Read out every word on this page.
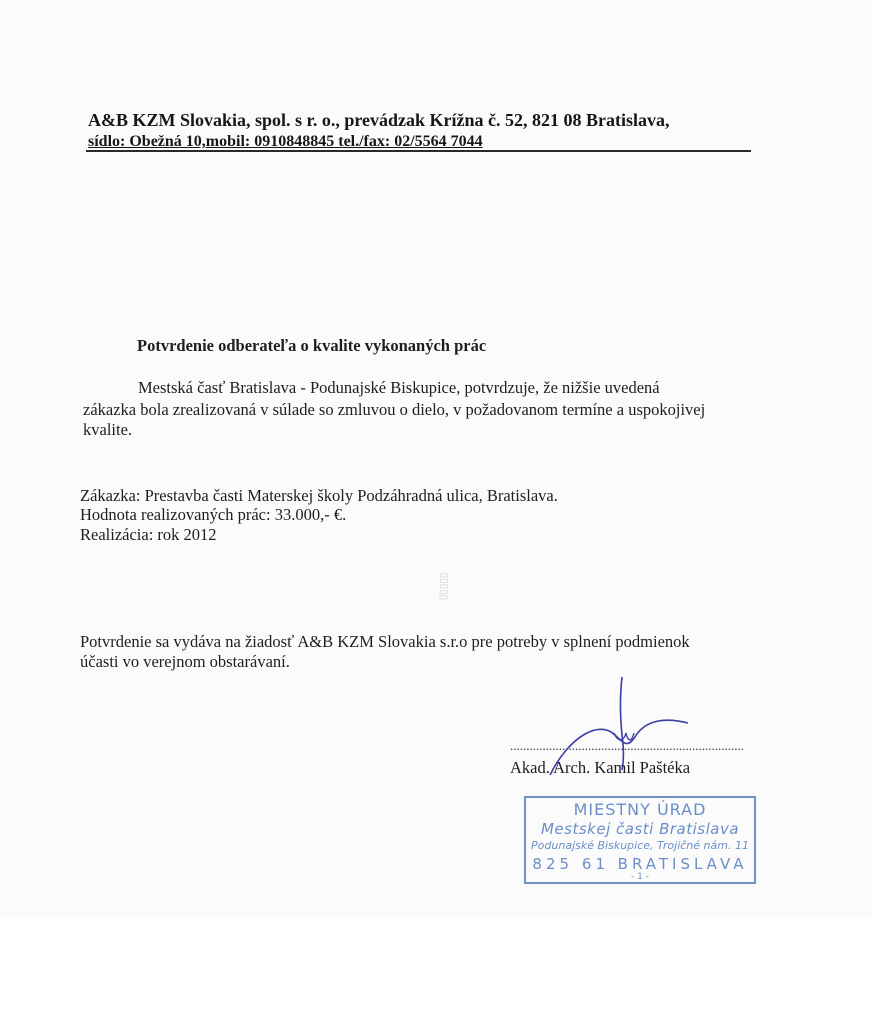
A&B KZM Slovakia, spol. s r. o., prevádzak Krížna č. 52, 821 08 Bratislava,
sídlo: Obežná 10,mobil: 0910848845 tel./fax: 02/5564 7044
Potvrdenie odberateľa o kvalite vykonaných prác
Mestská časť Bratislava - Podunajské Biskupice, potvrdzuje, že nižšie uvedená
zákazka bola zrealizovaná v súlade so zmluvou o dielo, v požadovanom termíne a uspokojivej
kvalite.
Zákazka: Prestavba časti Materskej školy Podzáhradná ulica, Bratislava.
Hodnota realizovaných prác: 33.000,- €.
Realizácia: rok 2012
▯▯▯▯▯
Potvrdenie sa vydáva na žiadosť A&B KZM Slovakia s.r.o pre potreby v splnení podmienok
účasti vo verejnom obstarávaní.
........................................................................
Akad. Arch. Kamil Paštéka
MIESTNY ÚRAD
Mestskej časti Bratislava
Podunajské Biskupice, Trojičné nám. 11
825 61 BRATISLAVA
- 1 -
